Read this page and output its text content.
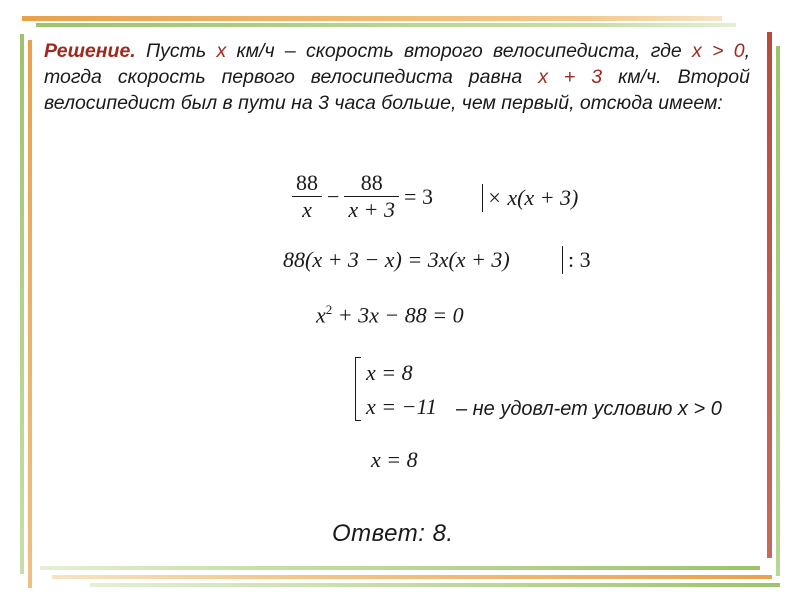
Решение. Пусть x км/ч – скорость второго велосипедиста, где x > 0, тогда скорость первого велосипедиста равна x + 3 км/ч. Второй велосипедист был в пути на 3 часа больше, чем первый, отсюда имеем:
$\frac{88}{x} - \frac{88}{x + 3} = 3 \times x(x + 3)$
88(x + 3 − x) = 3x(x + 3)	: 3
$x^2 + 3x - 88 = 0$
x = 8
x = −11 – не удовл-ет условию x > 0
x = 8
Ответ: 8.
